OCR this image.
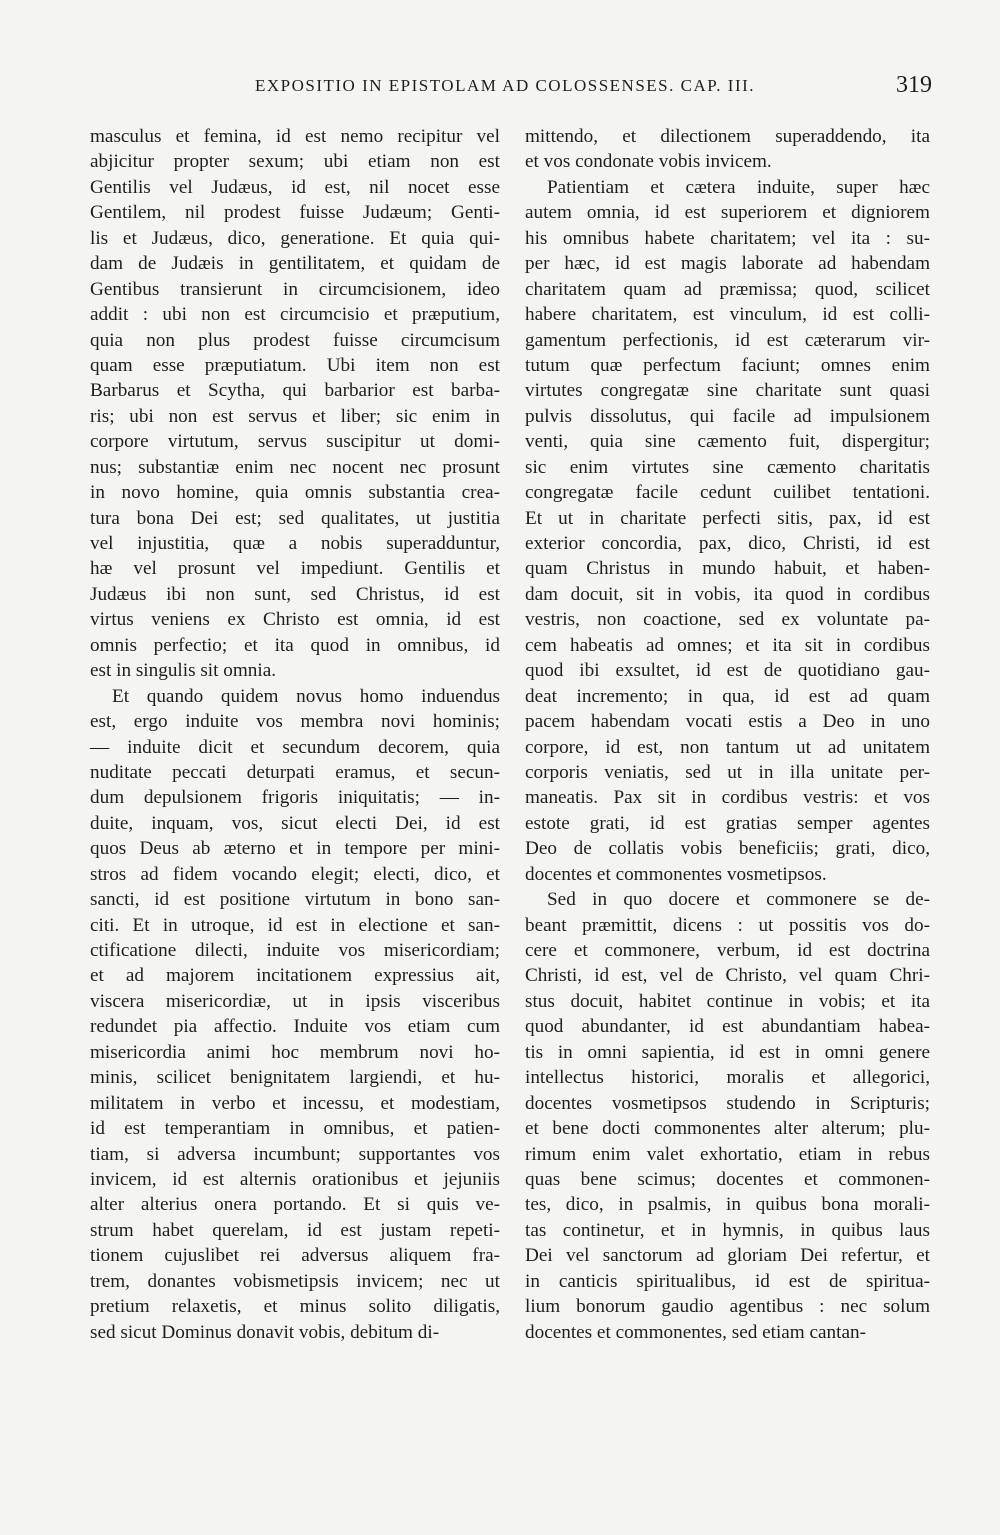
EXPOSITIO IN EPISTOLAM AD COLOSSENSES. CAP. III.	319
masculus et femina, id est nemo recipitur vel
abjicitur propter sexum; ubi etiam non est
Gentilis vel Judæus, id est, nil nocet esse
Gentilem, nil prodest fuisse Judæum; Genti-
lis et Judæus, dico, generatione. Et quia qui-
dam de Judæis in gentilitatem, et quidam de
Gentibus transierunt in circumcisionem, ideo
addit : ubi non est circumcisio et præputium,
quia non plus prodest fuisse circumcisum
quam esse præputiatum. Ubi item non est
Barbarus et Scytha, qui barbarior est barba-
ris; ubi non est servus et liber; sic enim in
corpore virtutum, servus suscipitur ut domi-
nus; substantiæ enim nec nocent nec prosunt
in novo homine, quia omnis substantia crea-
tura bona Dei est; sed qualitates, ut justitia
vel injustitia, quæ a nobis superadduntur,
hæ vel prosunt vel impediunt. Gentilis et
Judæus ibi non sunt, sed Christus, id est
virtus veniens ex Christo est omnia, id est
omnis perfectio; et ita quod in omnibus, id
est in singulis sit omnia.
Et quando quidem novus homo induendus
est, ergo induite vos membra novi hominis;
— induite dicit et secundum decorem, quia
nuditate peccati deturpati eramus, et secun-
dum depulsionem frigoris iniquitatis; — in-
duite, inquam, vos, sicut electi Dei, id est
quos Deus ab æterno et in tempore per mini-
stros ad fidem vocando elegit; electi, dico, et
sancti, id est positione virtutum in bono san-
citi. Et in utroque, id est in electione et san-
ctificatione dilecti, induite vos misericordiam;
et ad majorem incitationem expressius ait,
viscera misericordiæ, ut in ipsis visceribus
redundet pia affectio. Induite vos etiam cum
misericordia animi hoc membrum novi ho-
minis, scilicet benignitatem largiendi, et hu-
militatem in verbo et incessu, et modestiam,
id est temperantiam in omnibus, et patien-
tiam, si adversa incumbunt; supportantes vos
invicem, id est alternis orationibus et jejuniis
alter alterius onera portando. Et si quis ve-
strum habet querelam, id est justam repeti-
tionem cujuslibet rei adversus aliquem fra-
trem, donantes vobismetipsis invicem; nec ut
pretium relaxetis, et minus solito diligatis,
sed sicut Dominus donavit vobis, debitum di-
mittendo, et dilectionem superaddendo, ita
et vos condonate vobis invicem.
Patientiam et cætera induite, super hæc
autem omnia, id est superiorem et digniorem
his omnibus habete charitatem; vel ita : su-
per hæc, id est magis laborate ad habendam
charitatem quam ad præmissa; quod, scilicet
habere charitatem, est vinculum, id est colli-
gamentum perfectionis, id est cæterarum vir-
tutum quæ perfectum faciunt; omnes enim
virtutes congregatæ sine charitate sunt quasi
pulvis dissolutus, qui facile ad impulsionem
venti, quia sine cæmento fuit, dispergitur;
sic enim virtutes sine cæmento charitatis
congregatæ facile cedunt cuilibet tentationi.
Et ut in charitate perfecti sitis, pax, id est
exterior concordia, pax, dico, Christi, id est
quam Christus in mundo habuit, et haben-
dam docuit, sit in vobis, ita quod in cordibus
vestris, non coactione, sed ex voluntate pa-
cem habeatis ad omnes; et ita sit in cordibus
quod ibi exsultet, id est de quotidiano gau-
deat incremento; in qua, id est ad quam
pacem habendam vocati estis a Deo in uno
corpore, id est, non tantum ut ad unitatem
corporis veniatis, sed ut in illa unitate per-
maneatis. Pax sit in cordibus vestris: et vos
estote grati, id est gratias semper agentes
Deo de collatis vobis beneficiis; grati, dico,
docentes et commonentes vosmetipsos.
Sed in quo docere et commonere se de-
beant præmittit, dicens : ut possitis vos do-
cere et commonere, verbum, id est doctrina
Christi, id est, vel de Christo, vel quam Chri-
stus docuit, habitet continue in vobis; et ita
quod abundanter, id est abundantiam habea-
tis in omni sapientia, id est in omni genere
intellectus historici, moralis et allegorici,
docentes vosmetipsos studendo in Scripturis;
et bene docti commonentes alter alterum; plu-
rimum enim valet exhortatio, etiam in rebus
quas bene scimus; docentes et commonen-
tes, dico, in psalmis, in quibus bona morali-
tas continetur, et in hymnis, in quibus laus
Dei vel sanctorum ad gloriam Dei refertur, et
in canticis spiritualibus, id est de spiritua-
lium bonorum gaudio agentibus : nec solum
docentes et commonentes, sed etiam cantan-
